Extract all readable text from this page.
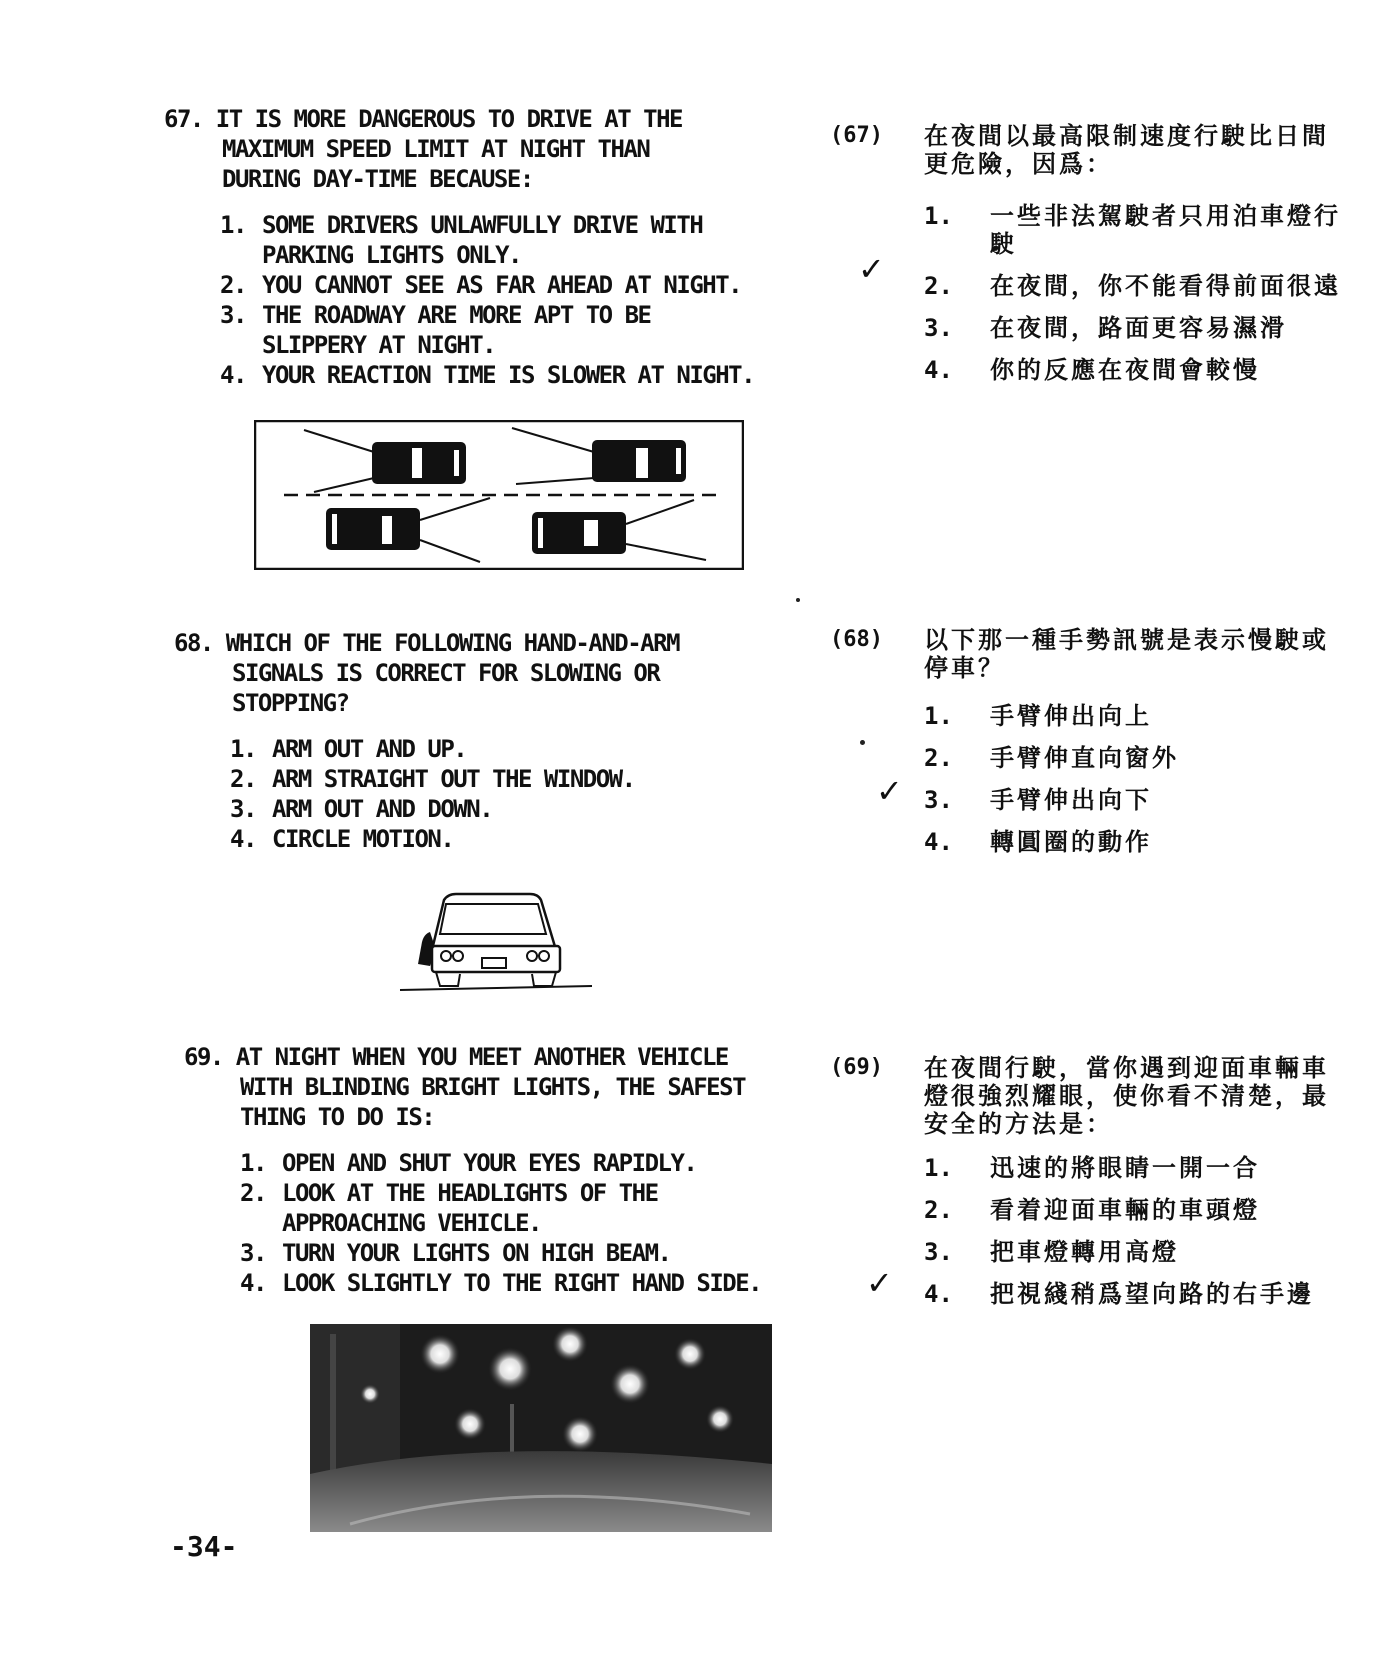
67. IT IS MORE DANGEROUS TO DRIVE AT THE
MAXIMUM SPEED LIMIT AT NIGHT THAN
DURING DAY-TIME BECAUSE:
1. SOME DRIVERS UNLAWFULLY DRIVE WITH
PARKING LIGHTS ONLY.
2. YOU CANNOT SEE AS FAR AHEAD AT NIGHT.
3. THE ROADWAY ARE MORE APT TO BE
SLIPPERY AT NIGHT.
4. YOUR REACTION TIME IS SLOWER AT NIGHT.
(67)	在夜間以最高限制速度行駛比日間更危險，因爲：
1.	一些非法駕駛者只用泊車燈行駛
2.	在夜間，你不能看得前面很遠
3.	在夜間，路面更容易濕滑
4.	你的反應在夜間會較慢
✓
68. WHICH OF THE FOLLOWING HAND-AND-ARM
SIGNALS IS CORRECT FOR SLOWING OR
STOPPING?
1. ARM OUT AND UP.
2. ARM STRAIGHT OUT THE WINDOW.
3. ARM OUT AND DOWN.
4. CIRCLE MOTION.
(68)	以下那一種手勢訊號是表示慢駛或停車？
1.	手臂伸出向上
2.	手臂伸直向窗外
3.	手臂伸出向下
4.	轉圓圈的動作
✓
69. AT NIGHT WHEN YOU MEET ANOTHER VEHICLE
WITH BLINDING BRIGHT LIGHTS, THE SAFEST
THING TO DO IS:
1. OPEN AND SHUT YOUR EYES RAPIDLY.
2. LOOK AT THE HEADLIGHTS OF THE
APPROACHING VEHICLE.
3. TURN YOUR LIGHTS ON HIGH BEAM.
4. LOOK SLIGHTLY TO THE RIGHT HAND SIDE.
(69)	在夜間行駛，當你遇到迎面車輛車燈很強烈耀眼，使你看不清楚，最安全的方法是：
1.	迅速的將眼睛一開一合
2.	看着迎面車輛的車頭燈
3.	把車燈轉用高燈
4.	把視綫稍爲望向路的右手邊
✓
-34-
